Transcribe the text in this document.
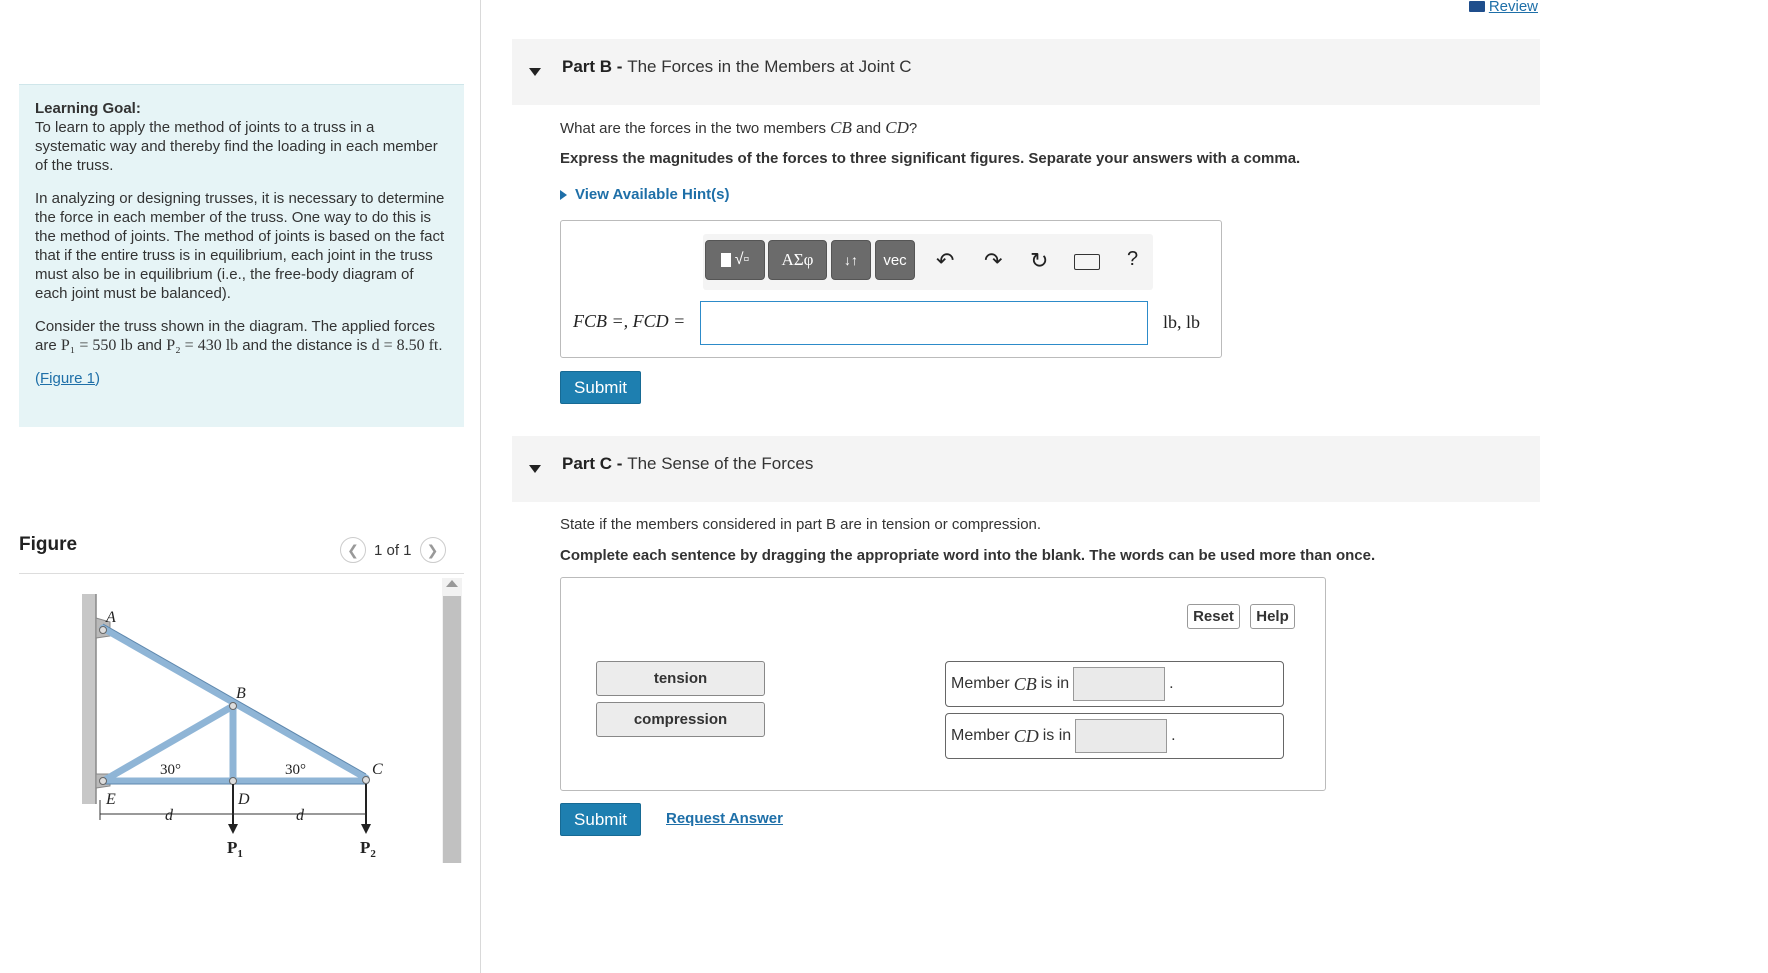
Review

Learning Goal:
To learn to apply the method of joints to a truss in a systematic way and thereby find the loading in each member of the truss.

In analyzing or designing trusses, it is necessary to determine the force in each member of the truss. One way to do this is the method of joints. The method of joints is based on the fact that if the entire truss is in equilibrium, each joint in the truss must also be in equilibrium (i.e., the free-body diagram of each joint must be balanced).

Consider the truss shown in the diagram. The applied forces are P₁ = 550 lb and P₂ = 430 lb and the distance is d = 8.50 ft.

(Figure 1)

Figure	❮	1 of 1	❯
A
B
C
D
E
d	d
30°	30°
$P_1$	$P_2$
Part B - The Forces in the Members at Joint C
What are the forces in the two members CB and CD?
Express the magnitudes of the forces to three significant figures. Separate your answers with a comma.
View Available Hint(s)
√▫	ΑΣφ	↓↑	vec	↶ ↷ ↻	?
FCB =, FCD =	lb, lb
Submit
Part C - The Sense of the Forces
State if the members considered in part B are in tension or compression.
Complete each sentence by dragging the appropriate word into the blank. The words can be used more than once.
Reset	Help
tension
compression
Member CB is in	.
Member CD is in	.
Submit	Request Answer
